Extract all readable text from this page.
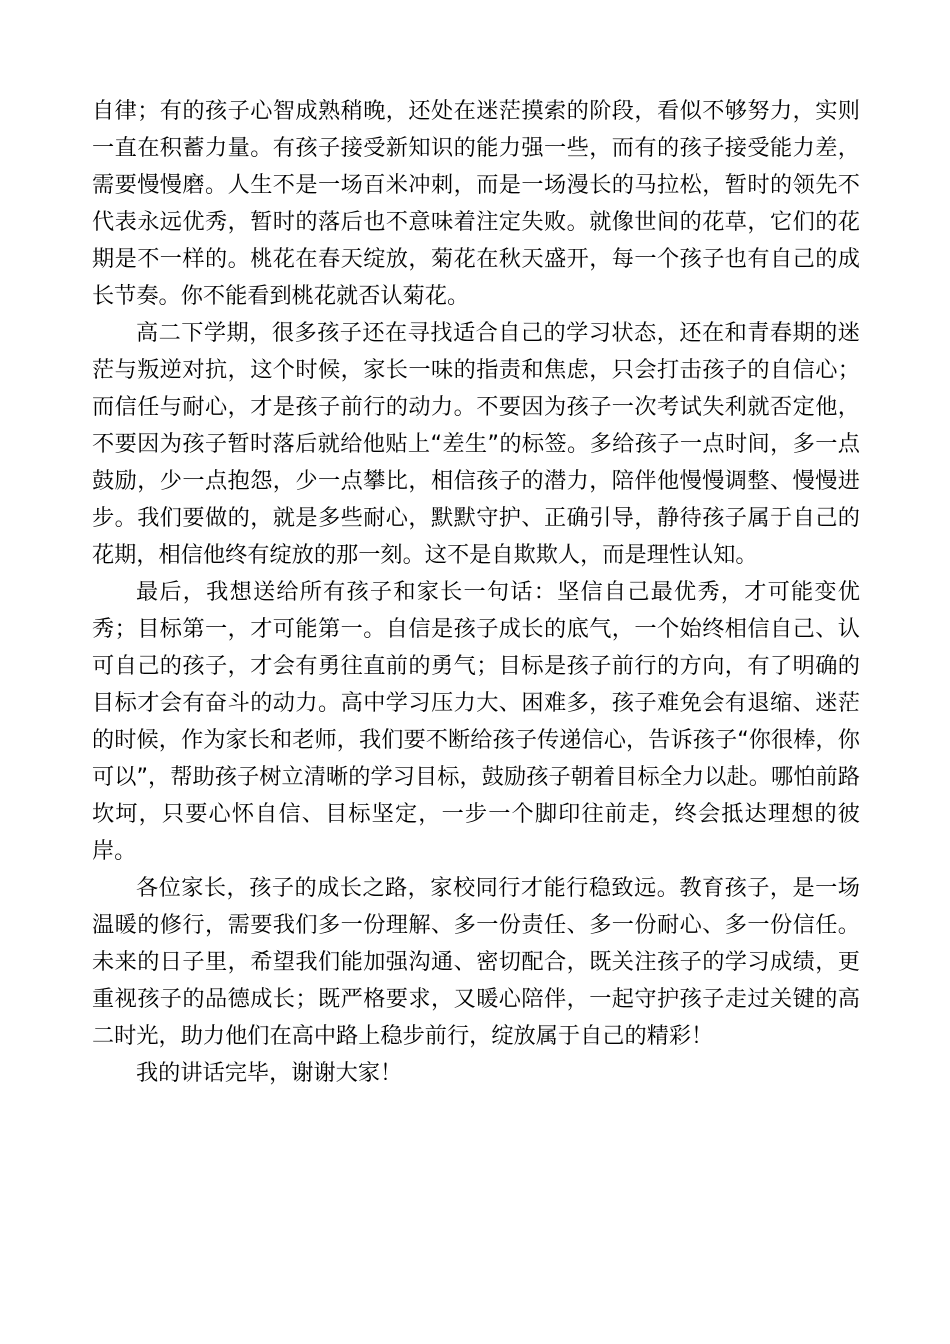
自律；有的孩子心智成熟稍晚，还处在迷茫摸索的阶段，看似不够努力，实则一直在积蓄力量。有孩子接受新知识的能力强一些，而有的孩子接受能力差，需要慢慢磨。人生不是一场百米冲刺，而是一场漫长的马拉松，暂时的领先不代表永远优秀，暂时的落后也不意味着注定失败。就像世间的花草，它们的花期是不一样的。桃花在春天绽放，菊花在秋天盛开，每一个孩子也有自己的成长节奏。你不能看到桃花就否认菊花。

高二下学期，很多孩子还在寻找适合自己的学习状态，还在和青春期的迷茫与叛逆对抗，这个时候，家长一味的指责和焦虑，只会打击孩子的自信心；而信任与耐心，才是孩子前行的动力。不要因为孩子一次考试失利就否定他，不要因为孩子暂时落后就给他贴上“差生”的标签。多给孩子一点时间，多一点鼓励，少一点抱怨，少一点攀比，相信孩子的潜力，陪伴他慢慢调整、慢慢进步。我们要做的，就是多些耐心，默默守护、正确引导，静待孩子属于自己的花期，相信他终有绽放的那一刻。这不是自欺欺人，而是理性认知。

最后，我想送给所有孩子和家长一句话：坚信自己最优秀，才可能变优秀；目标第一，才可能第一。自信是孩子成长的底气，一个始终相信自己、认可自己的孩子，才会有勇往直前的勇气；目标是孩子前行的方向，有了明确的目标才会有奋斗的动力。高中学习压力大、困难多，孩子难免会有退缩、迷茫的时候，作为家长和老师，我们要不断给孩子传递信心，告诉孩子“你很棒，你可以”，帮助孩子树立清晰的学习目标，鼓励孩子朝着目标全力以赴。哪怕前路坎坷，只要心怀自信、目标坚定，一步一个脚印往前走，终会抵达理想的彼岸。

各位家长，孩子的成长之路，家校同行才能行稳致远。教育孩子，是一场温暖的修行，需要我们多一份理解、多一份责任、多一份耐心、多一份信任。未来的日子里，希望我们能加强沟通、密切配合，既关注孩子的学习成绩，更重视孩子的品德成长；既严格要求，又暖心陪伴，一起守护孩子走过关键的高二时光，助力他们在高中路上稳步前行，绽放属于自己的精彩！

我的讲话完毕，谢谢大家！
